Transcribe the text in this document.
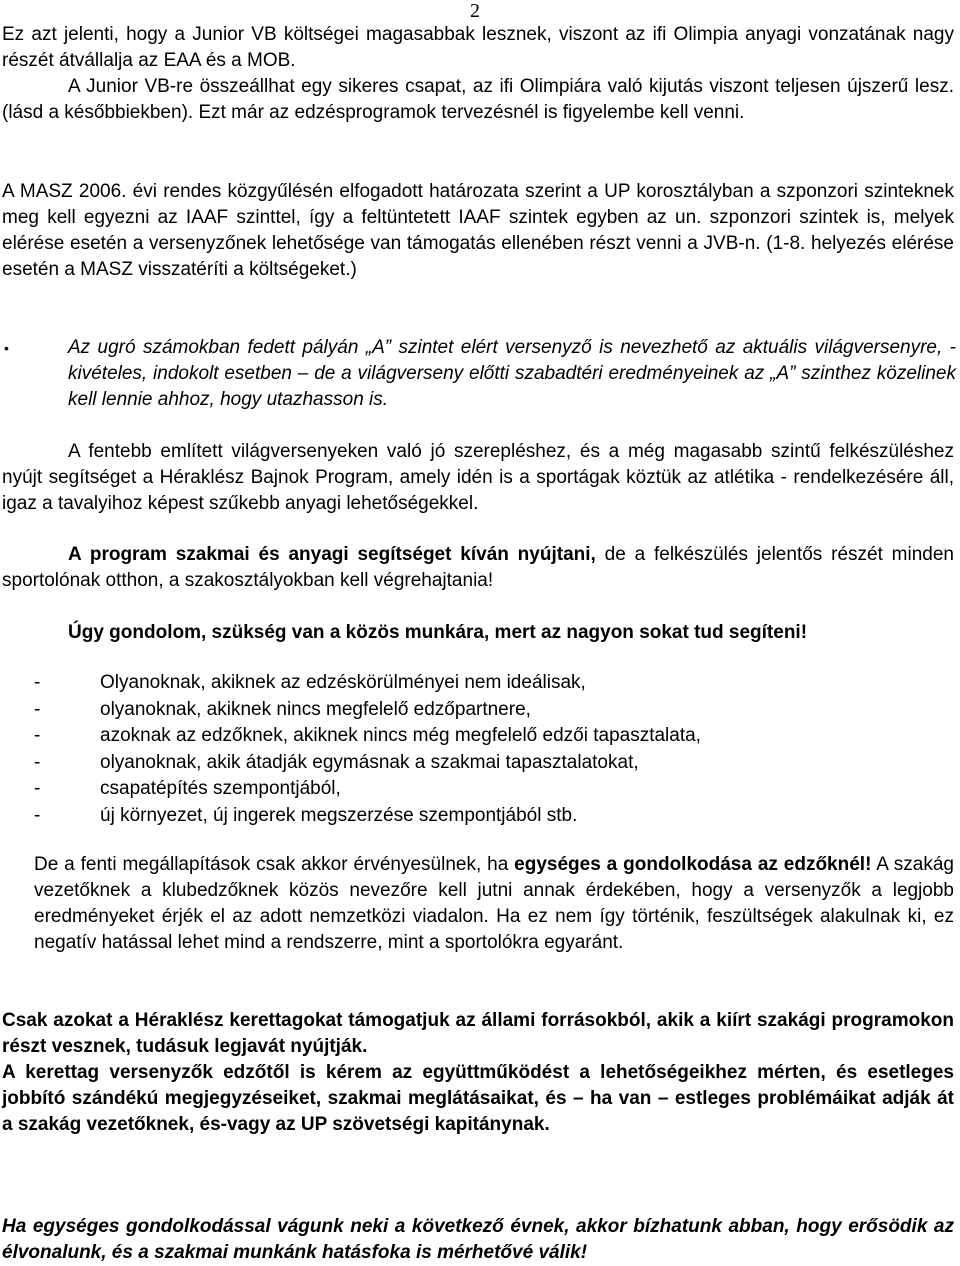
2

Ez azt jelenti, hogy a Junior VB költségei magasabbak lesznek, viszont az ifi Olimpia anyagi vonzatának nagy részét átvállalja az EAA és a MOB.
A Junior VB-re összeállhat egy sikeres csapat, az ifi Olimpiára való kijutás viszont teljesen újszerű lesz. (lásd a későbbiekben). Ezt már az edzésprogramok tervezésnél is figyelembe kell venni.

A MASZ 2006. évi rendes közgyűlésén elfogadott határozata szerint a UP korosztályban a szponzori szinteknek meg kell egyezni az IAAF szinttel, így a feltüntetett IAAF szintek egyben az un. szponzori szintek is, melyek elérése esetén a versenyzőnek lehetősége van támogatás ellenében részt venni a JVB-n. (1-8. helyezés elérése esetén a MASZ visszatéríti a költségeket.)

•	Az ugró számokban fedett pályán „A” szintet elért versenyző is nevezhető az aktuális világversenyre, - kivételes, indokolt esetben – de a világverseny előtti szabadtéri eredményeinek az „A” szinthez közelinek kell lennie ahhoz, hogy utazhasson is.

A fentebb említett világversenyeken való jó szerepléshez, és a még magasabb szintű felkészüléshez nyújt segítséget a Héraklész Bajnok Program, amely idén is a sportágak köztük az atlétika - rendelkezésére áll, igaz a tavalyihoz képest szűkebb anyagi lehetőségekkel.

A program szakmai és anyagi segítséget kíván nyújtani, de a felkészülés jelentős részét minden sportolónak otthon, a szakosztályokban kell végrehajtania!

Úgy gondolom, szükség van a közös munkára, mert az nagyon sokat tud segíteni!

-	Olyanoknak, akiknek az edzéskörülményei nem ideálisak,
-	olyanoknak, akiknek nincs megfelelő edzőpartnere,
-	azoknak az edzőknek, akiknek nincs még megfelelő edzői tapasztalata,
-	olyanoknak, akik átadják egymásnak a szakmai tapasztalatokat,
-	csapatépítés szempontjából,
-	új környezet, új ingerek megszerzése szempontjából stb.

De a fenti megállapítások csak akkor érvényesülnek, ha egységes a gondolkodása az edzőknél! A szakág vezetőknek a klubedzőknek közös nevezőre kell jutni annak érdekében, hogy a versenyzők a legjobb eredményeket érjék el az adott nemzetközi viadalon. Ha ez nem így történik, feszültségek alakulnak ki, ez negatív hatással lehet mind a rendszerre, mint a sportolókra egyaránt.

Csak azokat a Héraklész kerettagokat támogatjuk az állami forrásokból, akik a kiírt szakági programokon részt vesznek, tudásuk legjavát nyújtják.
A kerettag versenyzők edzőtől is kérem az együttműködést a lehetőségeikhez mérten, és esetleges jobbító szándékú megjegyzéseiket, szakmai meglátásaikat, és – ha van – estleges problémáikat adják át a szakág vezetőknek, és-vagy az UP szövetségi kapitánynak.

Ha egységes gondolkodással vágunk neki a következő évnek, akkor bízhatunk abban, hogy erősödik az élvonalunk, és a szakmai munkánk hatásfoka is mérhetővé válik!
